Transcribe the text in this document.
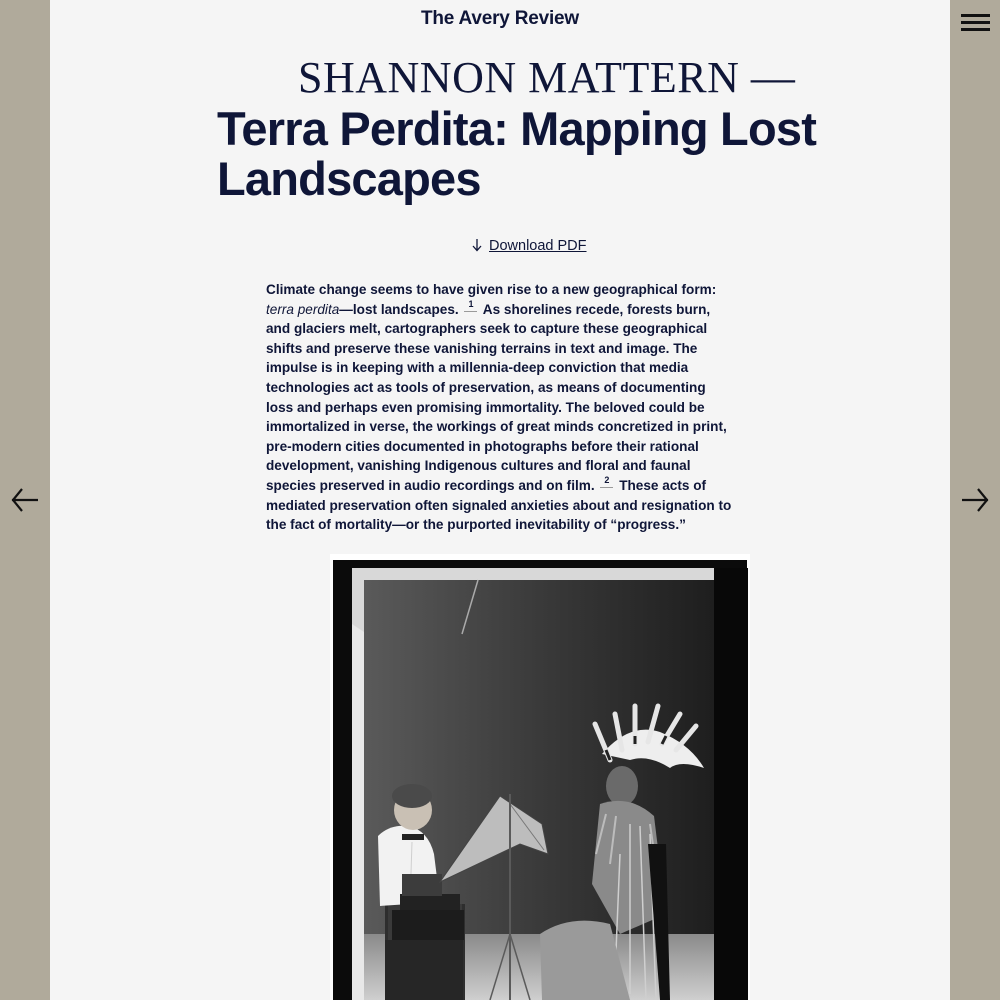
The Avery Review
SHANNON MATTERN —
Terra Perdita: Mapping Lost Landscapes
Download PDF

Climate change seems to have given rise to a new geographical form: terra perdita—lost landscapes. 1 As shorelines recede, forests burn, and glaciers melt, cartographers seek to capture these geographical shifts and preserve these vanishing terrains in text and image. The impulse is in keeping with a millennia-deep conviction that media technologies act as tools of preservation, as means of documenting loss and perhaps even promising immortality. The beloved could be immortalized in verse, the workings of great minds concretized in print, pre-modern cities documented in photographs before their rational development, vanishing Indigenous cultures and floral and faunal species preserved in audio recordings and on film. 2 These acts of mediated preservation often signaled anxieties about and resignation to the fact of mortality—or the purported inevitability of “progress.”
